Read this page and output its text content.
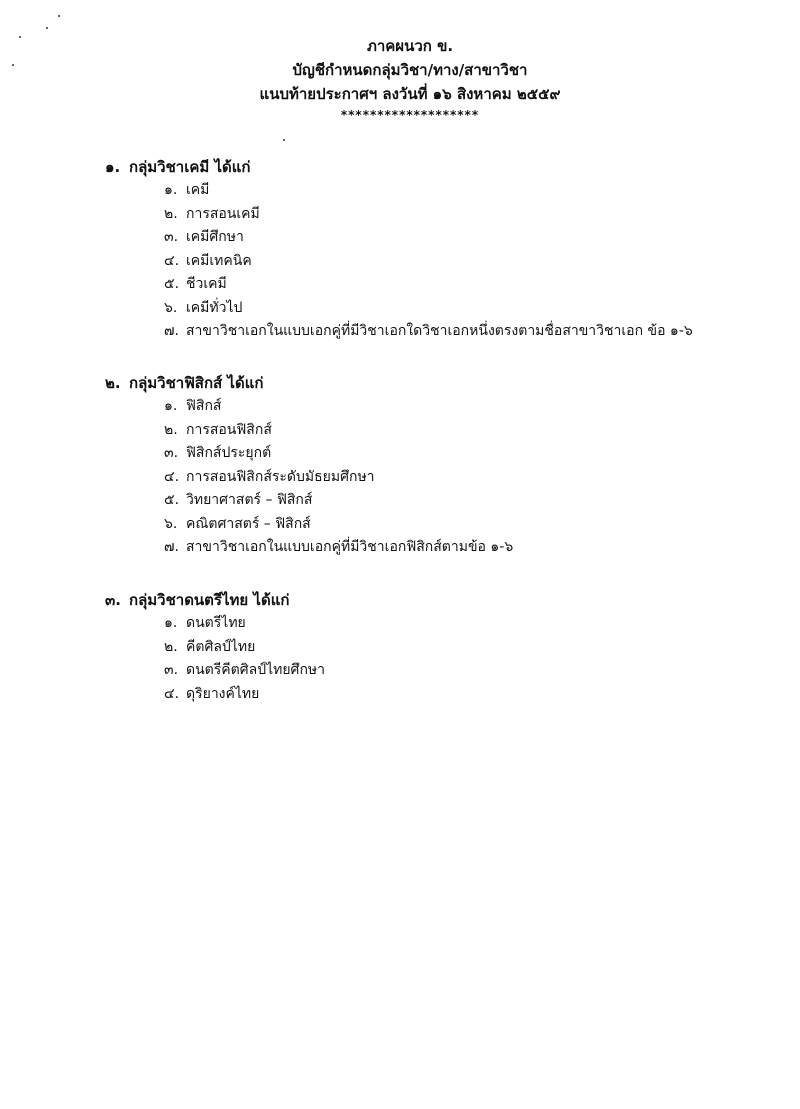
ภาคผนวก ข.
บัญชีกำหนดกลุ่มวิชา/ทาง/สาขาวิชา
แนบท้ายประกาศฯ ลงวันที่ ๑๖ สิงหาคม ๒๕๕๙
*******************
๑. กลุ่มวิชาเคมี ได้แก่
๑. เคมี
๒. การสอนเคมี
๓. เคมีศึกษา
๔. เคมีเทคนิค
๕. ชีวเคมี
๖. เคมีทั่วไป
๗. สาขาวิชาเอกในแบบเอกคู่ที่มีวิชาเอกใดวิชาเอกหนึ่งตรงตามชื่อสาขาวิชาเอก ข้อ ๑-๖
๒. กลุ่มวิชาฟิสิกส์ ได้แก่
๑. ฟิสิกส์
๒. การสอนฟิสิกส์
๓. ฟิสิกส์ประยุกต์
๔. การสอนฟิสิกส์ระดับมัธยมศึกษา
๕. วิทยาศาสตร์ – ฟิสิกส์
๖. คณิตศาสตร์ – ฟิสิกส์
๗. สาขาวิชาเอกในแบบเอกคู่ที่มีวิชาเอกฟิสิกส์ตามข้อ ๑-๖
๓. กลุ่มวิชาดนตรีไทย ได้แก่
๑. ดนตรีไทย
๒. คีตศิลป์ไทย
๓. ดนตรีคีตศิลป์ไทยศึกษา
๔. ดุริยางค์ไทย
